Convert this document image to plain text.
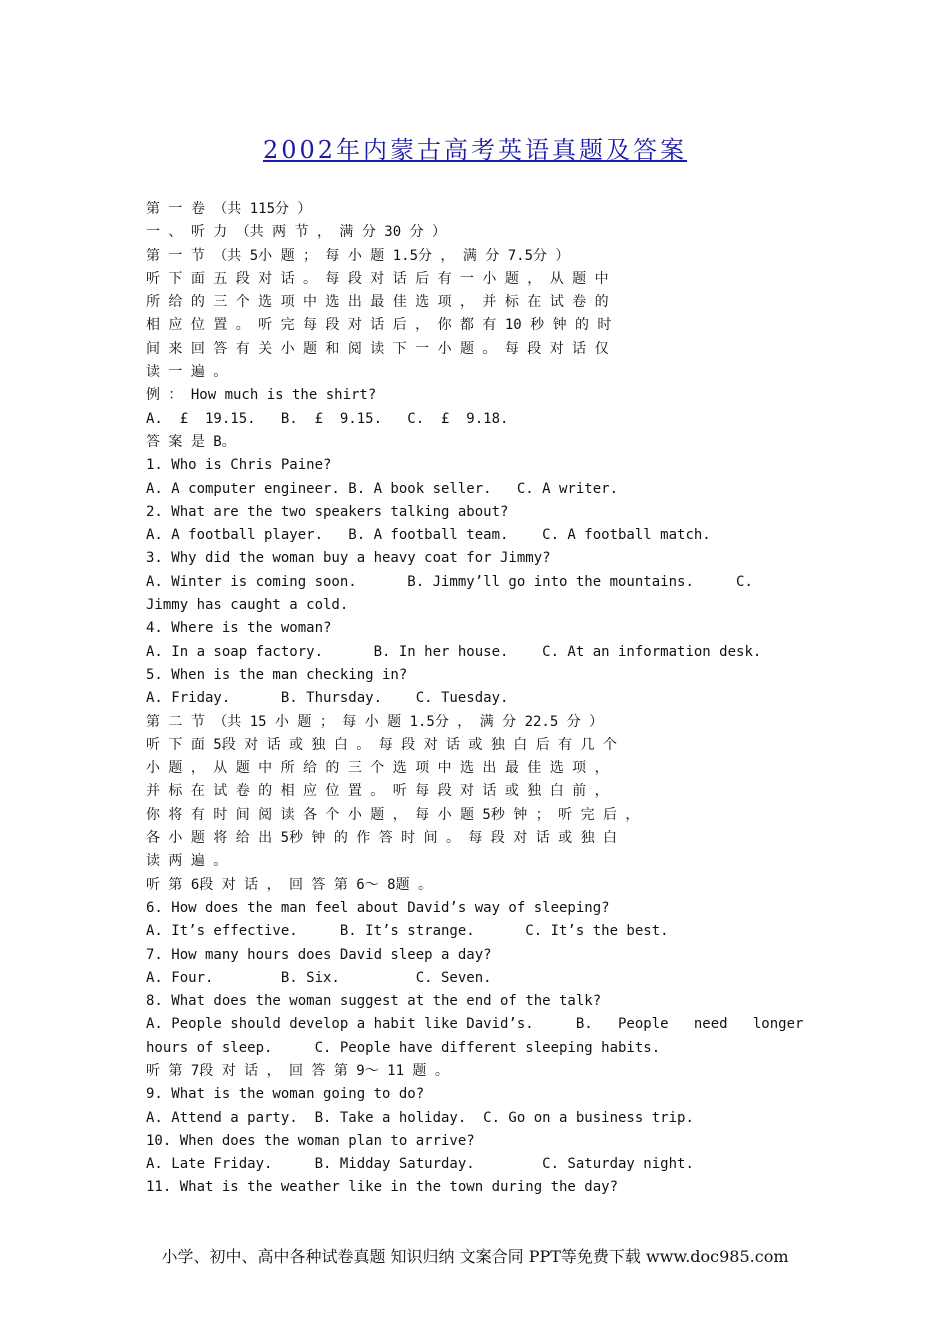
2002年内蒙古高考英语真题及答案
第 一 卷 （共 115分 ）
一 、 听 力 （共 两 节 ， 满 分 30 分 ）
第 一 节 （共 5小 题 ； 每 小 题 1.5分 ， 满 分 7.5分 ）
听 下 面 五 段 对 话 。 每 段 对 话 后 有 一 小 题 ， 从 题 中
所 给 的 三 个 选 项 中 选 出 最 佳 选 项 ， 并 标 在 试 卷 的
相 应 位 置 。 听 完 每 段 对 话 后 ， 你 都 有 10 秒 钟 的 时
间 来 回 答 有 关 小 题 和 阅 读 下 一 小 题 。 每 段 对 话 仅
读 一 遍 。
例 ： How much is the shirt?
A.  £  19.15.   B.  £  9.15.   C.  £  9.18.
答 案 是 B。
1. Who is Chris Paine?
A. A computer engineer. B. A book seller.   C. A writer.
2. What are the two speakers talking about?
A. A football player.   B. A football team.    C. A football match.
3. Why did the woman buy a heavy coat for Jimmy?
A. Winter is coming soon.      B. Jimmy’ll go into the mountains.     C.
Jimmy has caught a cold.
4. Where is the woman?
A. In a soap factory.      B. In her house.    C. At an information desk.
5. When is the man checking in?
A. Friday.      B. Thursday.    C. Tuesday.
第 二 节 （共 15 小 题 ； 每 小 题 1.5分 ， 满 分 22.5 分 ）
听 下 面 5段 对 话 或 独 白 。 每 段 对 话 或 独 白 后 有 几 个
小 题 ， 从 题 中 所 给 的 三 个 选 项 中 选 出 最 佳 选 项 ，
并 标 在 试 卷 的 相 应 位 置 。 听 每 段 对 话 或 独 白 前 ，
你 将 有 时 间 阅 读 各 个 小 题 ， 每 小 题 5秒 钟 ； 听 完 后 ，
各 小 题 将 给 出 5秒 钟 的 作 答 时 间 。 每 段 对 话 或 独 白
读 两 遍 。
听 第 6段 对 话 ， 回 答 第 6～ 8题 。
6. How does the man feel about David’s way of sleeping?
A. It’s effective.     B. It’s strange.      C. It’s the best.
7. How many hours does David sleep a day?
A. Four.        B. Six.         C. Seven.
8. What does the woman suggest at the end of the talk?
A. People should develop a habit like David’s.     B.   People   need   longer
hours of sleep.     C. People have different sleeping habits.
听 第 7段 对 话 ， 回 答 第 9～ 11 题 。
9. What is the woman going to do?
A. Attend a party.  B. Take a holiday.  C. Go on a business trip.
10. When does the woman plan to arrive?
A. Late Friday.     B. Midday Saturday.        C. Saturday night.
11. What is the weather like in the town during the day?
小学、初中、高中各种试卷真题 知识归纳 文案合同 PPT等免费下载 www.doc985.com
